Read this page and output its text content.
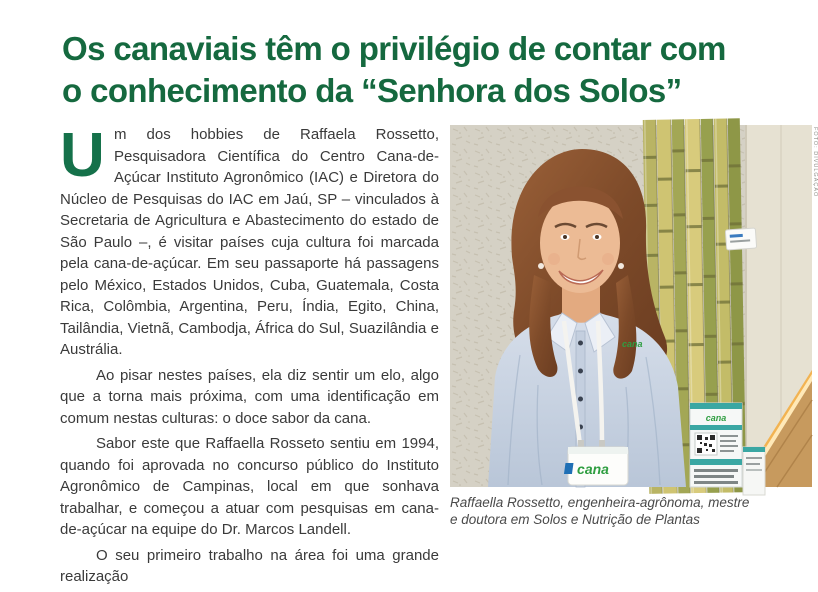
Os canaviais têm o privilégio de contar com
o conhecimento da “Senhora dos Solos”

Um dos hobbies de Raffaela Rossetto, Pesquisadora Científica do Centro Cana-de-Açúcar Instituto Agronômico (IAC) e Diretora do Núcleo de Pesquisas do IAC em Jaú, SP – vinculados à Secretaria de Agricultura e Abastecimento do estado de São Paulo –, é visitar países cuja cultura foi marcada pela cana-de-açúcar. Em seu passaporte há passagens pelo México, Estados Unidos, Cuba, Guatemala, Costa Rica, Colômbia, Argentina, Peru, Índia, Egito, China, Tailândia, Vietnã, Cambodja, África do Sul, Suazilândia e Austrália.

Ao pisar nestes países, ela diz sentir um elo, algo que a torna mais próxima, com uma identificação em comum nestas culturas: o doce sabor da cana.

Sabor este que Raffaella Rosseto sentiu em 1994, quando foi aprovada no concurso público do Instituto Agronômico de Campinas, local em que sonhava trabalhar, e começou a atuar com pesquisas em cana-de-açúcar na equipe do Dr. Marcos Landell.

O seu primeiro trabalho na área foi uma grande realização

cana
cana
cana
Raffaella Rossetto, engenheira-agrônoma, mestre
e doutora em Solos e Nutrição de Plantas
FOTO: DIVULGAÇÃO
